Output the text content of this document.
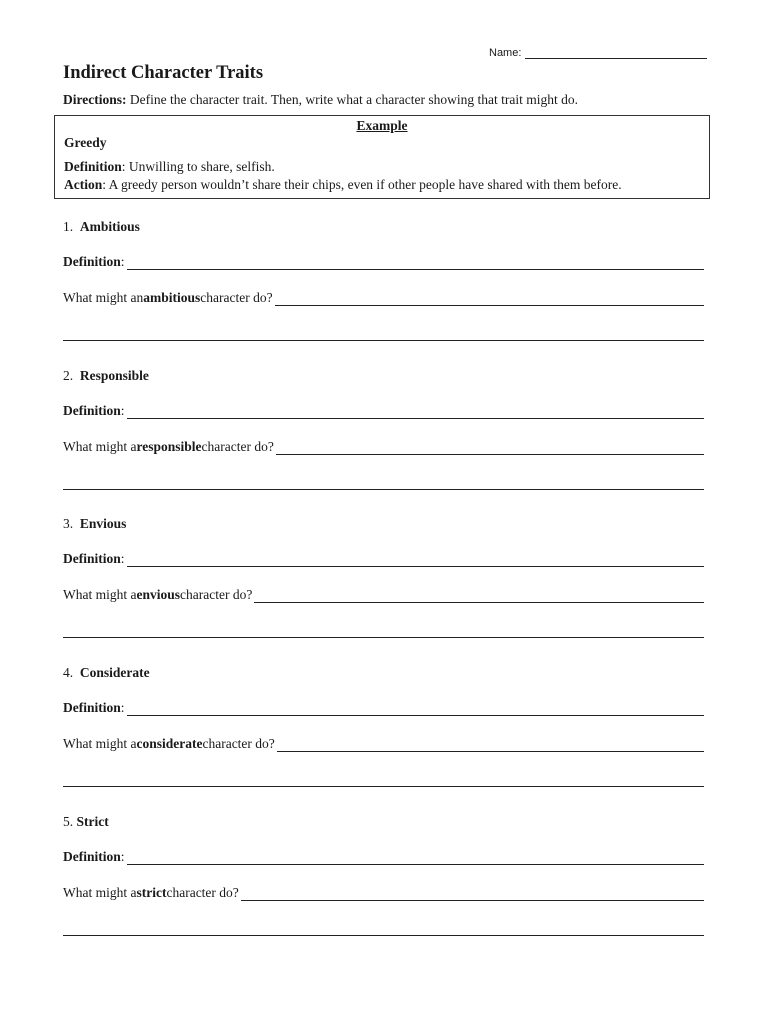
Name:
Indirect Character Traits
Directions: Define the character trait. Then, write what a character showing that trait might do.
Example
Greedy
Definition: Unwilling to share, selfish.
Action: A greedy person wouldn’t share their chips, even if other people have shared with them before.
1. Ambitious
Definition :
What might an ambitious character do?
2. Responsible
Definition :
What might a responsible character do?
3. Envious
Definition :
What might a envious character do?
4. Considerate
Definition :
What might a considerate character do?
5. Strict
Definition :
What might a strict character do?
